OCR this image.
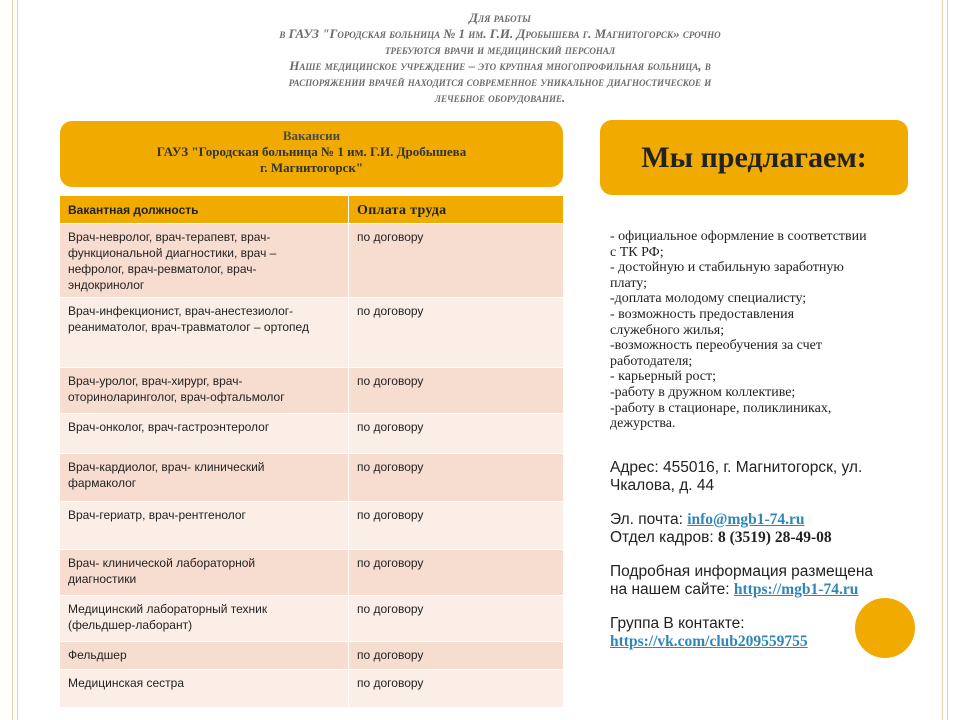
Для работы
в ГАУЗ "Городская больница № 1 им. Г.И. Дробышева г. Магнитогорск» срочно
требуются врачи и медицинский персонал
Наше медицинское учреждение – это крупная многопрофильная больница, в
распоряжении врачей находится современное уникальное диагностическое и
лечебное оборудование.
Вакансии
ГАУЗ "Городская больница № 1 им. Г.И. Дробышева
г. Магнитогорск"
Вакантная должность	Оплата труда
Врач-невролог, врач-терапевт, врач-
функциональной диагностики, врач –
нефролог, врач-ревматолог, врач-
эндокринолог
по договору
Врач-инфекционист, врач-анестезиолог-
реаниматолог, врач-травматолог – ортопед
по договору
Врач-уролог, врач-хирург, врач-
оториноларинголог, врач-офтальмолог
по договору
Врач-онколог, врач-гастроэнтеролог	по договору
Врач-кардиолог, врач- клинический
фармаколог
по договору
Врач-гериатр, врач-рентгенолог	по договору
Врач- клинической лабораторной
диагностики
по договору
Медицинский лабораторный техник
(фельдшер-лаборант)
по договору
Фельдшер	по договору
Медицинская сестра	по договору
Мы предлагаем:
- официальное оформление в соответствии
с ТК РФ;
- достойную и стабильную заработную
плату;
-доплата молодому специалисту;
- возможность предоставления
служебного жилья;
-возможность переобучения за счет
работодателя;
- карьерный рост;
-работу в дружном коллективе;
-работу в стационаре, поликлиниках,
дежурства.
Адрес: 455016, г. Магнитогорск, ул.
Чкалова, д. 44
Эл. почта: info@mgb1-74.ru
Отдел кадров: 8 (3519) 28-49-08
Подробная информация размещена
на нашем сайте: https://mgb1-74.ru
Группа В контакте:
https://vk.com/club209559755
